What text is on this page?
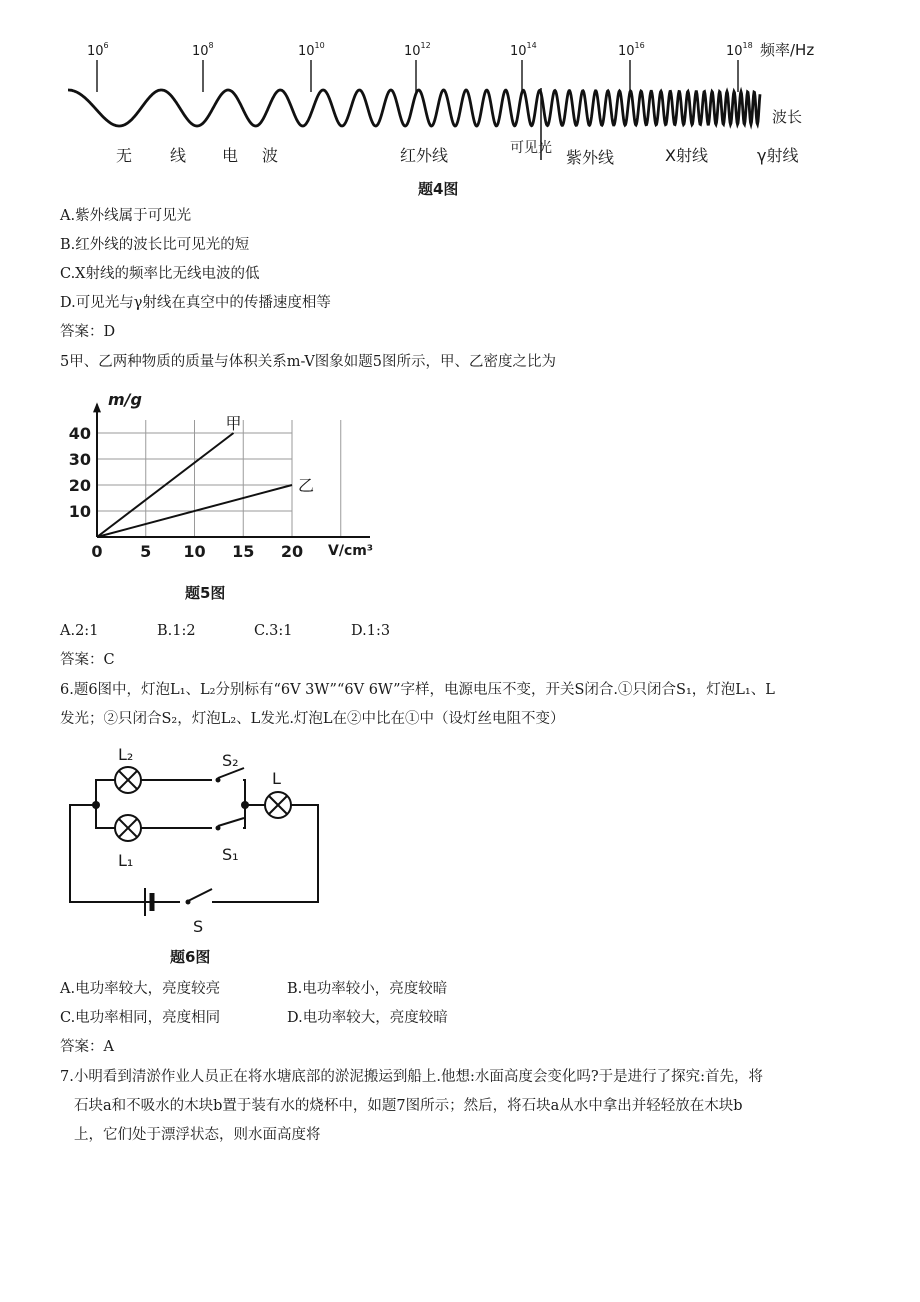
$10^6$	$10^8$	$10^{10}$	$10^{12}$	$10^{14}$	$10^{16}$	$10^{18}$ 频率/Hz
波长
无 线 电 波	红外线	可见光 紫外线	X射线	γ射线
题4图
A.紫外线属于可见光
B.红外线的波长比可见光的短
C.X射线的频率比无线电波的低
D.可见光与γ射线在真空中的传播速度相等
答案：D
5甲、乙两种物质的质量与体积关系m-V图象如题5图所示，甲、乙密度之比为
0 5 10 15 20
10
20
30
40
甲
乙
m/g
V/cm³
题5图
A.2:1	B.1:2	C.3:1	D.1:3
答案：C
6.题6图中，灯泡L₁、L₂分别标有“6V 3W”“6V 6W”字样，电源电压不变，开关S闭合.①只闭合S₁，灯泡L₁、L
发光；②只闭合S₂，灯泡L₂、L发光.灯泡L在②中比在①中（设灯丝电阻不变）
L₂	S₂
L
L₁	S₁
S
题6图
A.电功率较大，亮度较亮	B.电功率较小，亮度较暗
C.电功率相同，亮度相同	D.电功率较大，亮度较暗
答案：A
7.小明看到清淤作业人员正在将水塘底部的淤泥搬运到船上.他想:水面高度会变化吗?于是进行了探究:首先，将
石块a和不吸水的木块b置于装有水的烧杯中，如题7图所示；然后，将石块a从水中拿出并轻轻放在木块b
上，它们处于漂浮状态，则水面高度将
